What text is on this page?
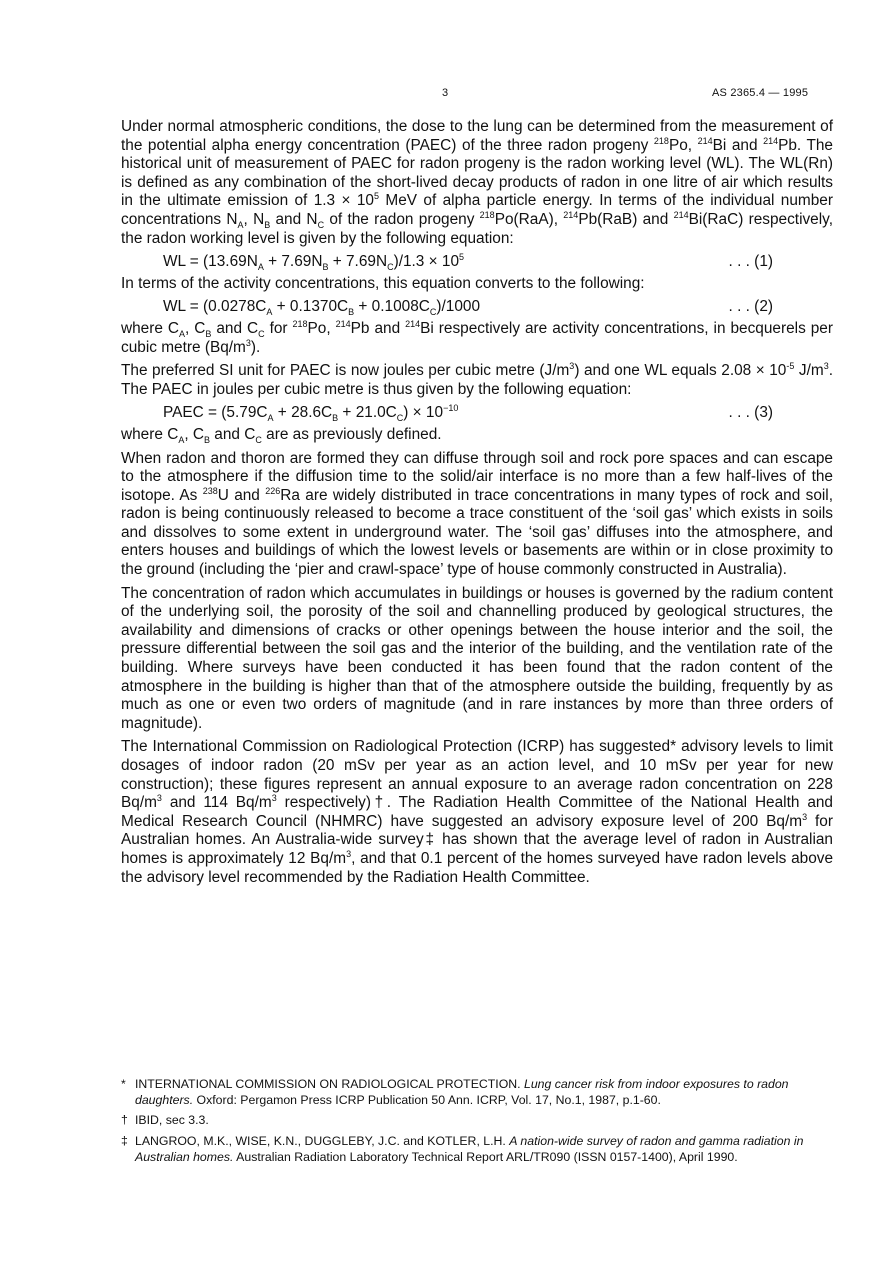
3	AS 2365.4 — 1995

Under normal atmospheric conditions, the dose to the lung can be determined from the measurement of the potential alpha energy concentration (PAEC) of the three radon progeny $^{218}$Po, $^{214}$Bi and $^{214}$Pb. The historical unit of measurement of PAEC for radon progeny is the radon working level (WL). The WL(Rn) is defined as any combination of the short-lived decay products of radon in one litre of air which results in the ultimate emission of $1.3 \times 10^5$ MeV of alpha particle energy. In terms of the individual number concentrations $N_A$, $N_B$ and $N_C$ of the radon progeny $^{218}$Po(RaA), $^{214}$Pb(RaB) and $^{214}$Bi(RaC) respectively, the radon working level is given by the following equation:

WL = $(13.69N_A + 7.69N_B + 7.69N_C)/1.3 \times 10^5$	. . . (1)

In terms of the activity concentrations, this equation converts to the following:

WL = $(0.0278C_A + 0.1370C_B + 0.1008C_C)/1000$	. . . (2)

where $C_A$, $C_B$ and $C_C$ for $^{218}$Po, $^{214}$Pb and $^{214}$Bi respectively are activity concentrations, in becquerels per cubic metre $(Bq/m^3)$.

The preferred SI unit for PAEC is now joules per cubic metre $(J/m^3)$ and one WL equals $2.08 \times 10^{-5}$ $J/m^3$. The PAEC in joules per cubic metre is thus given by the following equation:

PAEC = $(5.79C_A + 28.6C_B + 21.0C_C) \times 10^{-10}$	. . . (3)

where $C_A$, $C_B$ and $C_C$ are as previously defined.

When radon and thoron are formed they can diffuse through soil and rock pore spaces and can escape to the atmosphere if the diffusion time to the solid/air interface is no more than a few half-lives of the isotope. As $^{238}$U and $^{226}$Ra are widely distributed in trace concentrations in many types of rock and soil, radon is being continuously released to become a trace constituent of the ‘soil gas’ which exists in soils and dissolves to some extent in underground water. The ‘soil gas’ diffuses into the atmosphere, and enters houses and buildings of which the lowest levels or basements are within or in close proximity to the ground (including the ‘pier and crawl-space’ type of house commonly constructed in Australia).

The concentration of radon which accumulates in buildings or houses is governed by the radium content of the underlying soil, the porosity of the soil and channelling produced by geological structures, the availability and dimensions of cracks or other openings between the house interior and the soil, the pressure differential between the soil gas and the interior of the building, and the ventilation rate of the building. Where surveys have been conducted it has been found that the radon content of the atmosphere in the building is higher than that of the atmosphere outside the building, frequently by as much as one or even two orders of magnitude (and in rare instances by more than three orders of magnitude).

The International Commission on Radiological Protection (ICRP) has suggested* advisory levels to limit dosages of indoor radon (20 mSv per year as an action level, and 10 mSv per year for new construction); these figures represent an annual exposure to an average radon concentration on 228 $Bq/m^3$ and 114 $Bq/m^3$ respectively)†. The Radiation Health Committee of the National Health and Medical Research Council (NHMRC) have suggested an advisory exposure level of 200 $Bq/m^3$ for Australian homes. An Australia-wide survey‡ has shown that the average level of radon in Australian homes is approximately 12 $Bq/m^3$, and that 0.1 percent of the homes surveyed have radon levels above the advisory level recommended by the Radiation Health Committee.

* INTERNATIONAL COMMISSION ON RADIOLOGICAL PROTECTION. Lung cancer risk from indoor exposures to radon daughters. Oxford: Pergamon Press ICRP Publication 50 Ann. ICRP, Vol. 17, No.1, 1987, p.1-60.
† IBID, sec 3.3.
‡ LANGROO, M.K., WISE, K.N., DUGGLEBY, J.C. and KOTLER, L.H. A nation-wide survey of radon and gamma radiation in Australian homes. Australian Radiation Laboratory Technical Report ARL/TR090 (ISSN 0157-1400), April 1990.
